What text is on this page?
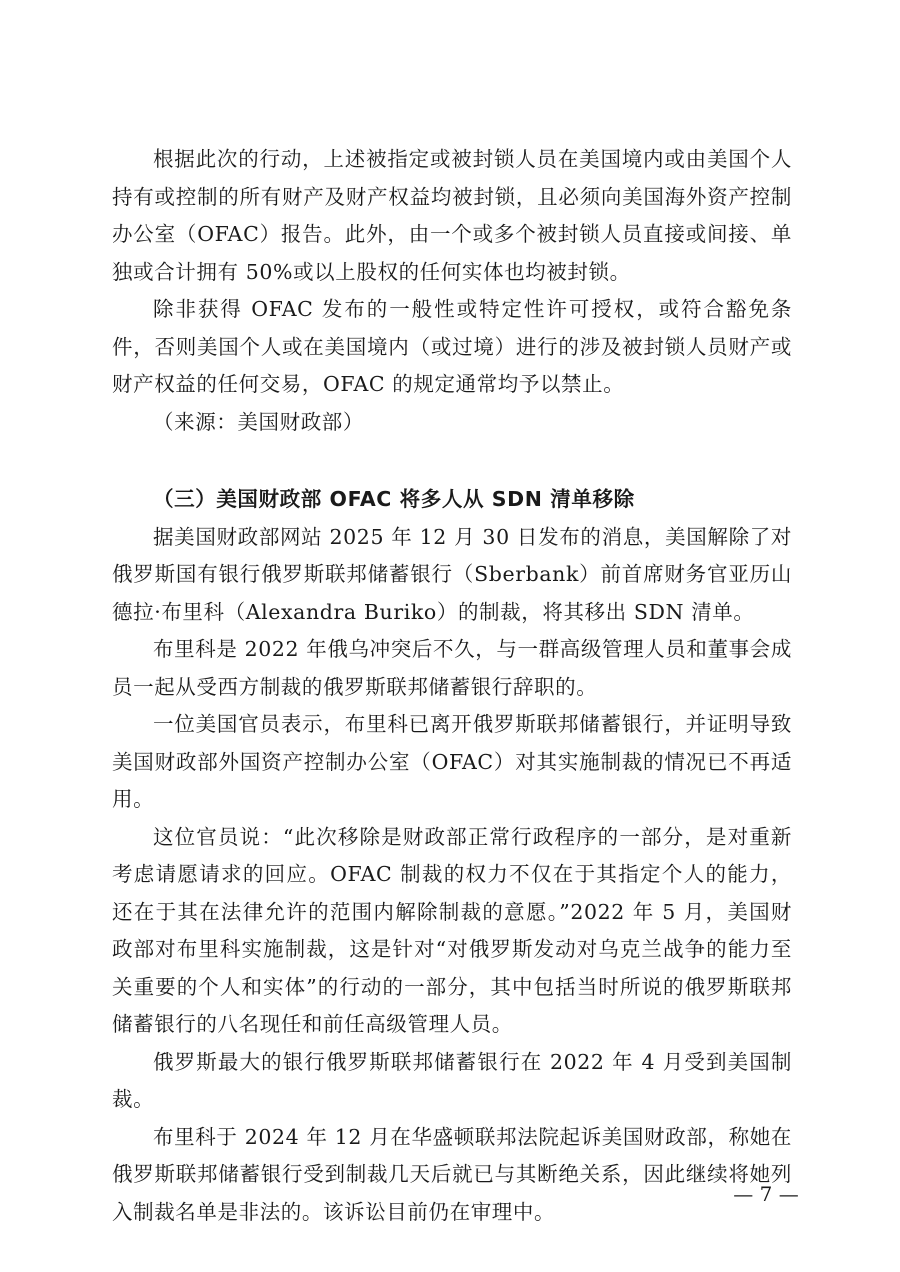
根据此次的行动，上述被指定或被封锁人员在美国境内或由美国个人持有或控制的所有财产及财产权益均被封锁，且必须向美国海外资产控制办公室（OFAC）报告。此外，由一个或多个被封锁人员直接或间接、单独或合计拥有 50%或以上股权的任何实体也均被封锁。

除非获得 OFAC 发布的一般性或特定性许可授权，或符合豁免条件，否则美国个人或在美国境内（或过境）进行的涉及被封锁人员财产或财产权益的任何交易，OFAC 的规定通常均予以禁止。

（来源：美国财政部）

（三）美国财政部 OFAC 将多人从 SDN 清单移除

据美国财政部网站 2025 年 12 月 30 日发布的消息，美国解除了对俄罗斯国有银行俄罗斯联邦储蓄银行（Sberbank）前首席财务官亚历山德拉·布里科（Alexandra Buriko）的制裁，将其移出 SDN 清单。

布里科是 2022 年俄乌冲突后不久，与一群高级管理人员和董事会成员一起从受西方制裁的俄罗斯联邦储蓄银行辞职的。

一位美国官员表示，布里科已离开俄罗斯联邦储蓄银行，并证明导致美国财政部外国资产控制办公室（OFAC）对其实施制裁的情况已不再适用。

这位官员说：“此次移除是财政部正常行政程序的一部分，是对重新考虑请愿请求的回应。OFAC 制裁的权力不仅在于其指定个人的能力，还在于其在法律允许的范围内解除制裁的意愿。”2022 年 5 月，美国财政部对布里科实施制裁，这是针对“对俄罗斯发动对乌克兰战争的能力至关重要的个人和实体”的行动的一部分，其中包括当时所说的俄罗斯联邦储蓄银行的八名现任和前任高级管理人员。

俄罗斯最大的银行俄罗斯联邦储蓄银行在 2022 年 4 月受到美国制裁。

布里科于 2024 年 12 月在华盛顿联邦法院起诉美国财政部，称她在俄罗斯联邦储蓄银行受到制裁几天后就已与其断绝关系，因此继续将她列入制裁名单是非法的。该诉讼目前仍在审理中。

— 7 —
